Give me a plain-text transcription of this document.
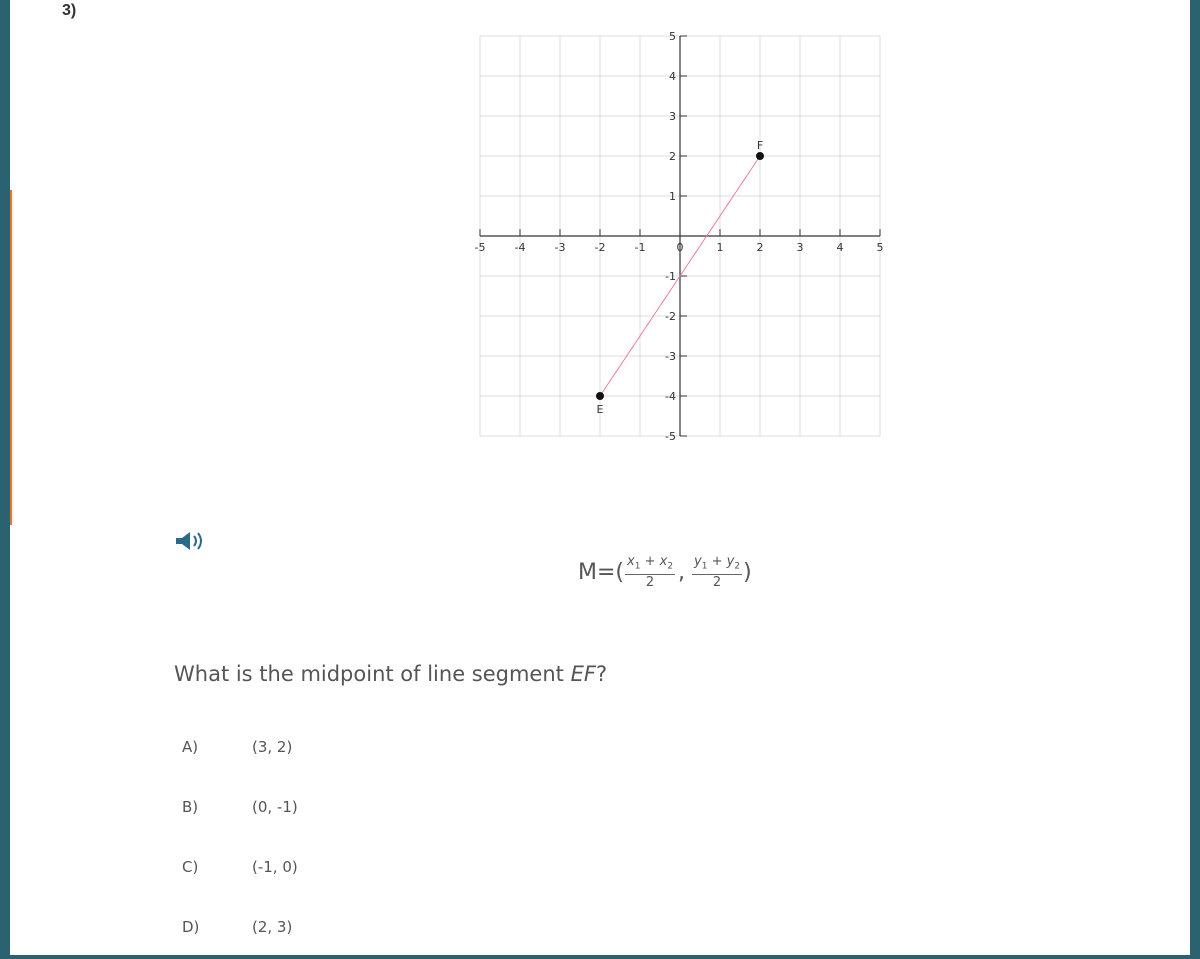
3)
-5	-4	-3	-2	-1	0	1	2	3	4	5
5
4
3
2
1
-1
-2
-3
-4
-5
E
F
$M=( \frac{x_1 + x_2}{2}$ , $\frac{y_1 + y_2}{2}$ )
What is the midpoint of line segment EF?
A)	(3, 2)
B)	(0, -1)
C)	(-1, 0)
D)	(2, 3)
